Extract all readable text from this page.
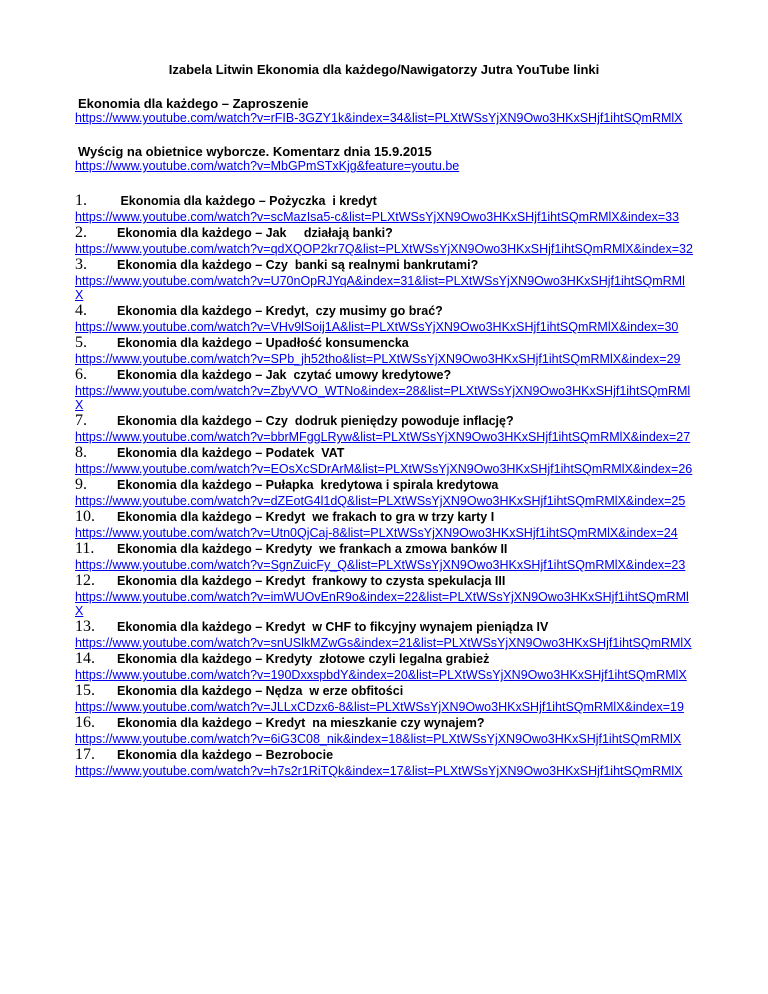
Izabela Litwin Ekonomia dla każdego/Nawigatorzy Jutra YouTube linki
Ekonomia dla każdego – Zaproszenie
https://www.youtube.com/watch?v=rFIB-3GZY1k&index=34&list=PLXtWSsYjXN9Owo3HKxSHjf1ihtSQmRMlX
Wyścig na obietnice wyborcze. Komentarz dnia 15.9.2015
https://www.youtube.com/watch?v=MbGPmSTxKjg&feature=youtu.be
1.	Ekonomia dla każdego – Pożyczka  i kredyt
https://www.youtube.com/watch?v=scMazIsa5-c&list=PLXtWSsYjXN9Owo3HKxSHjf1ihtSQmRMlX&index=33
2.	Ekonomia dla każdego – Jak     działają banki?
https://www.youtube.com/watch?v=qdXQOP2kr7Q&list=PLXtWSsYjXN9Owo3HKxSHjf1ihtSQmRMlX&index=32
3.	Ekonomia dla każdego – Czy  banki są realnymi bankrutami?
https://www.youtube.com/watch?v=U70nOpRJYqA&index=31&list=PLXtWSsYjXN9Owo3HKxSHjf1ihtSQmRMlX
4.	Ekonomia dla każdego – Kredyt,  czy musimy go brać?
https://www.youtube.com/watch?v=VHv9lSoij1A&list=PLXtWSsYjXN9Owo3HKxSHjf1ihtSQmRMlX&index=30
5.	Ekonomia dla każdego – Upadłość konsumencka
https://www.youtube.com/watch?v=SPb_jh52tho&list=PLXtWSsYjXN9Owo3HKxSHjf1ihtSQmRMlX&index=29
6.	Ekonomia dla każdego – Jak  czytać umowy kredytowe?
https://www.youtube.com/watch?v=ZbyVVO_WTNo&index=28&list=PLXtWSsYjXN9Owo3HKxSHjf1ihtSQmRMlX
7.	Ekonomia dla każdego – Czy  dodruk pieniędzy powoduje inflację?
https://www.youtube.com/watch?v=bbrMFggLRyw&list=PLXtWSsYjXN9Owo3HKxSHjf1ihtSQmRMlX&index=27
8.	Ekonomia dla każdego – Podatek  VAT
https://www.youtube.com/watch?v=EOsXcSDrArM&list=PLXtWSsYjXN9Owo3HKxSHjf1ihtSQmRMlX&index=26
9.	Ekonomia dla każdego – Pułapka  kredytowa i spirala kredytowa
https://www.youtube.com/watch?v=dZEotG4l1dQ&list=PLXtWSsYjXN9Owo3HKxSHjf1ihtSQmRMlX&index=25
10.	Ekonomia dla każdego – Kredyt  we frakach to gra w trzy karty I
https://www.youtube.com/watch?v=Utn0QjCaj-8&list=PLXtWSsYjXN9Owo3HKxSHjf1ihtSQmRMlX&index=24
11.	Ekonomia dla każdego – Kredyty  we frankach a zmowa banków II
https://www.youtube.com/watch?v=SgnZuicFy_Q&list=PLXtWSsYjXN9Owo3HKxSHjf1ihtSQmRMlX&index=23
12.	Ekonomia dla każdego – Kredyt  frankowy to czysta spekulacja III
https://www.youtube.com/watch?v=imWUOvEnR9o&index=22&list=PLXtWSsYjXN9Owo3HKxSHjf1ihtSQmRMlX
13.	Ekonomia dla każdego – Kredyt  w CHF to fikcyjny wynajem pieniądza IV
https://www.youtube.com/watch?v=snUSlkMZwGs&index=21&list=PLXtWSsYjXN9Owo3HKxSHjf1ihtSQmRMlX
14.	Ekonomia dla każdego – Kredyty  złotowe czyli legalna grabież
https://www.youtube.com/watch?v=190DxxspbdY&index=20&list=PLXtWSsYjXN9Owo3HKxSHjf1ihtSQmRMlX
15.	Ekonomia dla każdego – Nędza  w erze obfitości
https://www.youtube.com/watch?v=JLLxCDzx6-8&list=PLXtWSsYjXN9Owo3HKxSHjf1ihtSQmRMlX&index=19
16.	Ekonomia dla każdego – Kredyt  na mieszkanie czy wynajem?
https://www.youtube.com/watch?v=6iG3C08_nik&index=18&list=PLXtWSsYjXN9Owo3HKxSHjf1ihtSQmRMlX
17.	Ekonomia dla każdego – Bezrobocie
https://www.youtube.com/watch?v=h7s2r1RiTQk&index=17&list=PLXtWSsYjXN9Owo3HKxSHjf1ihtSQmRMlX
